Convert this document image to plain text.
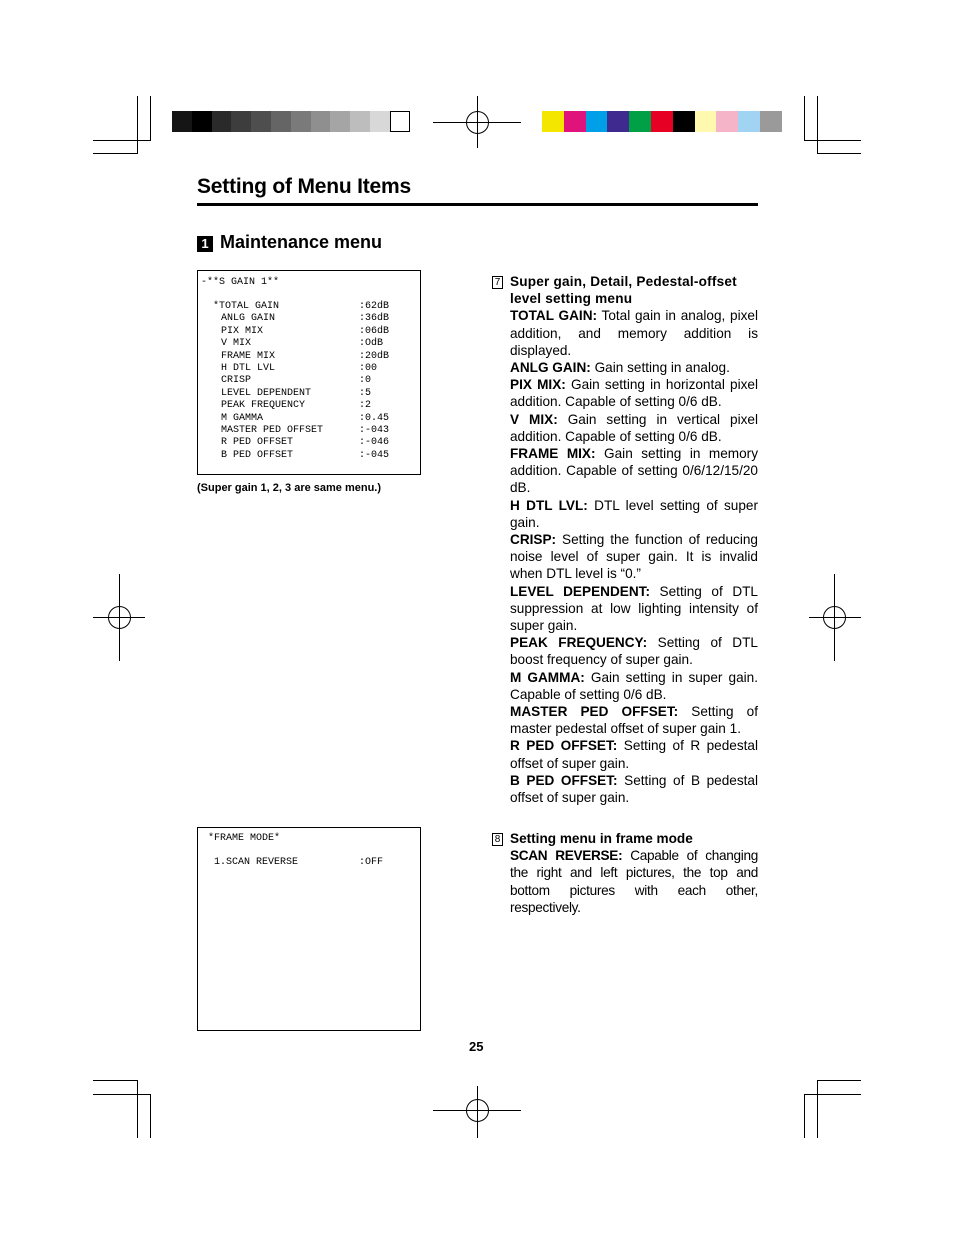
Setting of Menu Items
1 Maintenance menu
-**S GAIN 1**
*TOTAL GAIN	:62dB
ANLG GAIN	:36dB
PIX MIX	:06dB
V MIX	:OdB
FRAME MIX	:20dB
H DTL LVL	:00
CRISP	:0
LEVEL DEPENDENT	:5
PEAK FREQUENCY	:2
M GAMMA	:0.45
MASTER PED OFFSET	:-043
R PED OFFSET	:-046
B PED OFFSET	:-045
(Super gain 1, 2, 3 are same menu.)
*FRAME MODE*
1.SCAN REVERSE	:OFF
7 Super gain, Detail, Pedestal-offset
level setting menu

TOTAL GAIN: Total gain in analog, pixel addition, and memory addition is displayed.

ANLG GAIN: Gain setting in analog.

PIX MIX: Gain setting in horizontal pixel addition. Capable of setting 0/6 dB.

V MIX: Gain setting in vertical pixel addition. Capable of setting 0/6 dB.

FRAME MIX: Gain setting in memory addition. Capable of setting 0/6/12/15/20 dB.

H DTL LVL: DTL level setting of super gain.

CRISP: Setting the function of reducing noise level of super gain. It is invalid when DTL level is “0.”

LEVEL DEPENDENT: Setting of DTL suppression at low lighting intensity of super gain.

PEAK FREQUENCY: Setting of DTL boost frequency of super gain.

M GAMMA: Gain setting in super gain. Capable of setting 0/6 dB.

MASTER PED OFFSET: Setting of master pedestal offset of super gain 1.

R PED OFFSET: Setting of R pedestal offset of super gain.

B PED OFFSET: Setting of B pedestal offset of super gain.

8 Setting menu in frame mode

SCAN REVERSE: Capable of changing the right and left pictures, the top and bottom pictures with each other, respectively.

25
